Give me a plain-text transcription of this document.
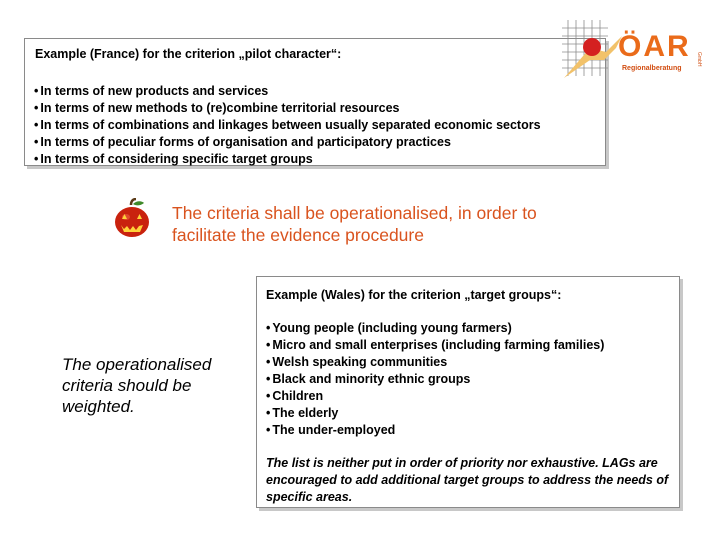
Example (France) for the criterion „pilot character“:
• In terms of new products and services
• In terms of new methods to (re)combine territorial resources
• In terms of combinations and linkages between usually separated economic sectors
• In terms of peculiar forms of organisation and participatory practices
• In terms of considering specific target groups
ÖAR
Regionalberatung
GmbH
The criteria shall be operationalised, in order to facilitate the evidence procedure
The operationalised criteria should be weighted.
Example (Wales) for the criterion „target groups“:
• Young people (including young farmers)
• Micro and small enterprises (including farming families)
• Welsh speaking communities
• Black and minority ethnic groups
• Children
• The elderly
• The under-employed
The list is neither put in order of priority nor exhaustive. LAGs are encouraged to add additional target groups to address the needs of specific areas.
